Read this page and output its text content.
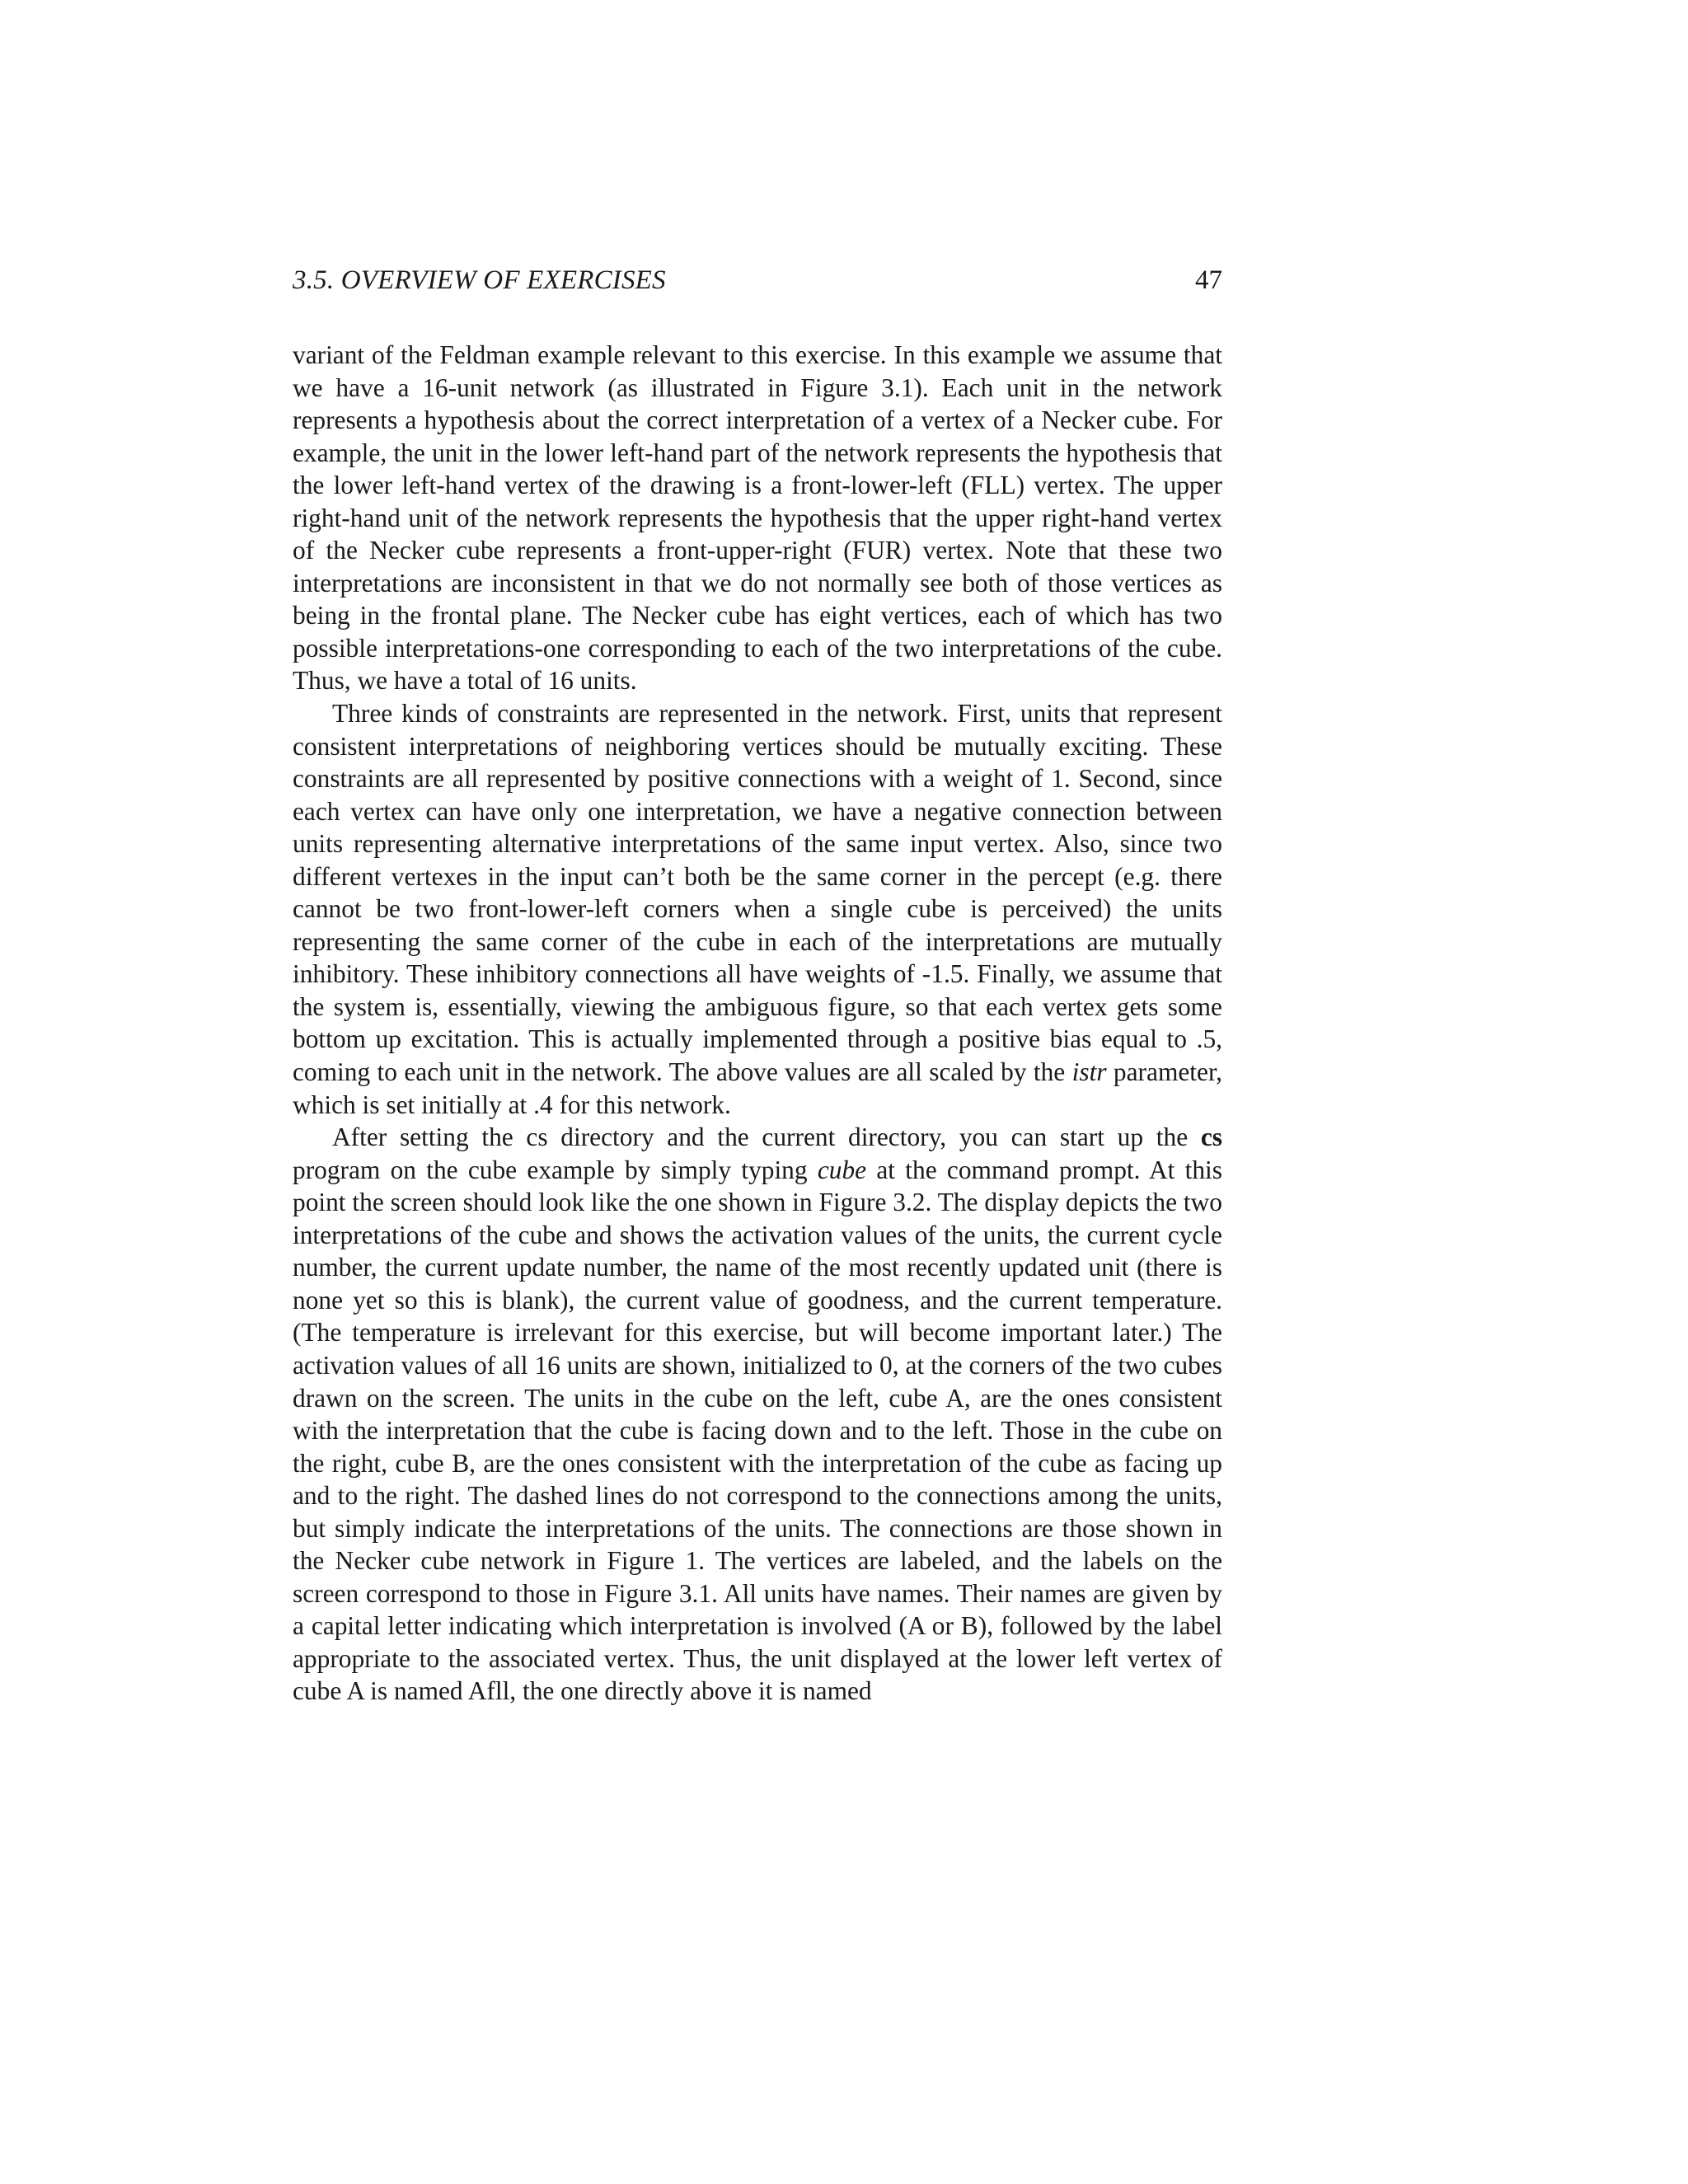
3.5. OVERVIEW OF EXERCISES	47

variant of the Feldman example relevant to this exercise. In this example we assume that we have a 16-unit network (as illustrated in Figure 3.1). Each unit in the network represents a hypothesis about the correct interpretation of a vertex of a Necker cube. For example, the unit in the lower left-hand part of the network represents the hypothesis that the lower left-hand vertex of the drawing is a front-lower-left (FLL) vertex. The upper right-hand unit of the network represents the hypothesis that the upper right-hand vertex of the Necker cube represents a front-upper-right (FUR) vertex. Note that these two interpretations are inconsistent in that we do not normally see both of those vertices as being in the frontal plane. The Necker cube has eight vertices, each of which has two possible interpretations-one corresponding to each of the two interpretations of the cube. Thus, we have a total of 16 units.

Three kinds of constraints are represented in the network. First, units that represent consistent interpretations of neighboring vertices should be mutually exciting. These constraints are all represented by positive connections with a weight of 1. Second, since each vertex can have only one interpretation, we have a negative connection between units representing alternative interpretations of the same input vertex. Also, since two different vertexes in the input can’t both be the same corner in the percept (e.g. there cannot be two front-lower-left corners when a single cube is perceived) the units representing the same corner of the cube in each of the interpretations are mutually inhibitory. These inhibitory connections all have weights of -1.5. Finally, we assume that the system is, essentially, viewing the ambiguous figure, so that each vertex gets some bottom up excitation. This is actually implemented through a positive bias equal to .5, coming to each unit in the network. The above values are all scaled by the istr parameter, which is set initially at .4 for this network.

After setting the cs directory and the current directory, you can start up the cs program on the cube example by simply typing cube at the command prompt. At this point the screen should look like the one shown in Figure 3.2. The display depicts the two interpretations of the cube and shows the activation values of the units, the current cycle number, the current update number, the name of the most recently updated unit (there is none yet so this is blank), the current value of goodness, and the current temperature. (The temperature is irrelevant for this exercise, but will become important later.) The activation values of all 16 units are shown, initialized to 0, at the corners of the two cubes drawn on the screen. The units in the cube on the left, cube A, are the ones consistent with the interpretation that the cube is facing down and to the left. Those in the cube on the right, cube B, are the ones consistent with the interpretation of the cube as facing up and to the right. The dashed lines do not correspond to the connections among the units, but simply indicate the interpretations of the units. The connections are those shown in the Necker cube network in Figure 1. The vertices are labeled, and the labels on the screen correspond to those in Figure 3.1. All units have names. Their names are given by a capital letter indicating which interpretation is involved (A or B), followed by the label appropriate to the associated vertex. Thus, the unit displayed at the lower left vertex of cube A is named Afll, the one directly above it is named
